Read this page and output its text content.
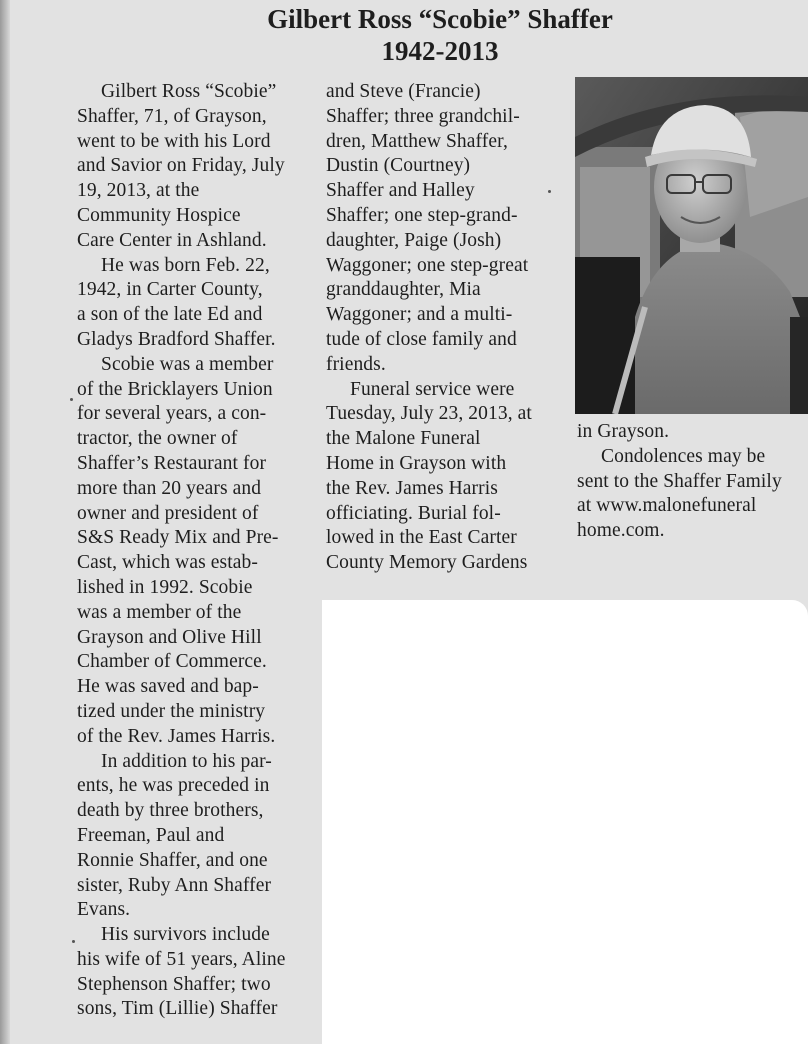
Gilbert Ross “Scobie” Shaffer
1942-2013
Gilbert Ross “Scobie”
Shaffer, 71, of Grayson,
went to be with his Lord
and Savior on Friday, July
19, 2013, at the
Community Hospice
Care Center in Ashland.
He was born Feb. 22,
1942, in Carter County,
a son of the late Ed and
Gladys Bradford Shaffer.
Scobie was a member
of the Bricklayers Union
for several years, a con-
tractor, the owner of
Shaffer’s Restaurant for
more than 20 years and
owner and president of
S&S Ready Mix and Pre-
Cast, which was estab-
lished in 1992. Scobie
was a member of the
Grayson and Olive Hill
Chamber of Commerce.
He was saved and bap-
tized under the ministry
of the Rev. James Harris.
In addition to his par-
ents, he was preceded in
death by three brothers,
Freeman, Paul and
Ronnie Shaffer, and one
sister, Ruby Ann Shaffer
Evans.
His survivors include
his wife of 51 years, Aline
Stephenson Shaffer; two
sons, Tim (Lillie) Shaffer
and Steve (Francie)
Shaffer; three grandchil-
dren, Matthew Shaffer,
Dustin (Courtney)
Shaffer and Halley
Shaffer; one step-grand-
daughter, Paige (Josh)
Waggoner; one step-great
granddaughter, Mia
Waggoner; and a multi-
tude of close family and
friends.
Funeral service were
Tuesday, July 23, 2013, at
the Malone Funeral
Home in Grayson with
the Rev. James Harris
officiating. Burial fol-
lowed in the East Carter
County Memory Gardens
in Grayson.
Condolences may be
sent to the Shaffer Family
at www.malonefuneral
home.com.
